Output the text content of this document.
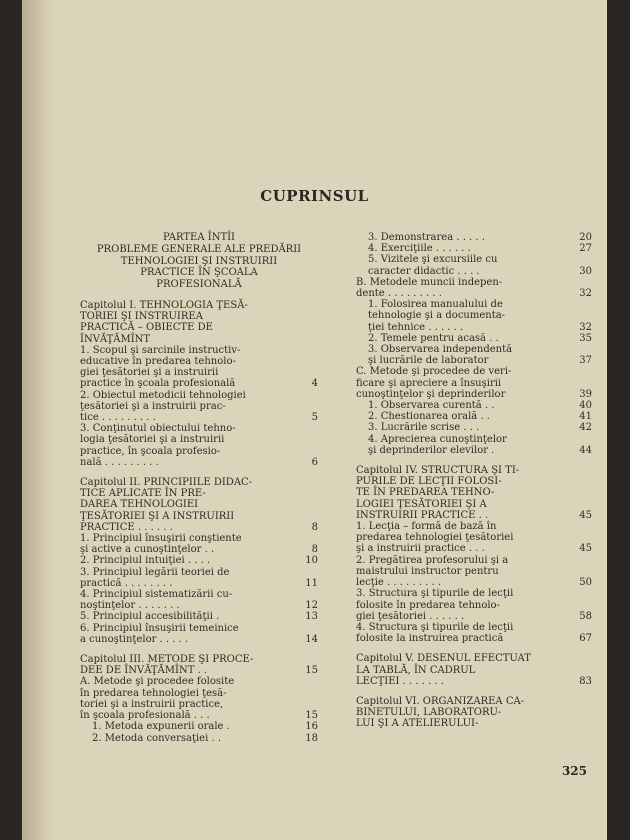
CUPRINSUL
PARTEA ÎNTÎI
PROBLEME GENERALE ALE PREDĂRII
TEHNOLOGIEI ŞI INSTRUIRII
PRACTICE ÎN ŞCOALA
PROFESIONALĂ
Capitolul I. TEHNOLOGIA ŢESĂ-
TORIEI ŞI INSTRUIREA
PRACTICĂ – OBIECTE DE
ÎNVĂŢĂMÎNT
1. Scopul şi sarcinile instructiv-
educative în predarea tehnolo-
giei ţesătoriei şi a instruirii
practice în şcoala profesională	4
2. Obiectul metodicii tehnologiei
ţesătoriei şi a instruirii prac-
tice . . . . . . . . .	5
3. Conţinutul obiectului tehno-
logia ţesătoriei şi a instruirii
practice, în şcoala profesio-
nală . . . . . . . . .	6
Capitolul II. PRINCIPIILE DIDAC-
TICE APLICATE ÎN PRE-
DAREA TEHNOLOGIEI
ŢESĂTORIEI ŞI A INSTRUIRII
PRACTICE . . . . . .	8
1. Principiul însuşirii conştiente
şi active a cunoştinţelor . .	8
2. Principiul intuiţiei . . . .	10
3. Principiul legării teoriei de
practică . . . . . . . .	11
4. Principiul sistematizării cu-
noştinţelor . . . . . . .	12
5. Principiul accesibilităţii .	13
6. Principiul însuşirii temeinice
a cunoştinţelor . . . . .	14
Capitolul III. METODE ŞI PROCE-
DEE DE ÎNVĂŢĂMÎNT . .	15
A. Metode şi procedee folosite
în predarea tehnologiei ţesă-
toriei şi a instruirii practice,
în şcoala profesională . . .	15
1. Metoda expunerii orale .	16
2. Metoda conversaţiei . .	18
3. Demonstrarea . . . . .	20
4. Exerciţiile . . . . . .	27
5. Vizitele şi excursiile cu
caracter didactic . . . .	30
B. Metodele muncii indepen-
dente . . . . . . . . .	32
1. Folosirea manualului de
tehnologie şi a documenta-
ţiei tehnice . . . . . .	32
2. Temele pentru acasă . .	35
3. Observarea independentă
şi lucrările de laborator	37
C. Metode şi procedee de veri-
ficare şi apreciere a însuşirii
cunoştinţelor şi deprinderilor	39
1. Observarea curentă . .	40
2. Chestionarea orală . .	41
3. Lucrările scrise . . .	42
4. Aprecierea cunoştinţelor
şi deprinderilor elevilor .	44
Capitolul IV. STRUCTURA ŞI TI-
PURILE DE LECŢII FOLOSI-
TE ÎN PREDAREA TEHNO-
LOGIEI ŢESĂTORIEI ŞI A
INSTRUIRII PRACTICE . .	45
1. Lecţia – formă de bază în
predarea tehnologiei ţesătoriei
şi a instruirii practice . . .	45
2. Pregătirea profesorului şi a
maistrului instructor pentru
lecţie . . . . . . . . .	50
3. Structura şi tipurile de lecţii
folosite în predarea tehnolo-
giei ţesătoriei . . . . . .	58
4. Structura şi tipurile de lecţii
folosite la instruirea practică	67
Capitolul V. DESENUL EFECTUAT
LA TABLĂ, ÎN CADRUL
LECŢIEI . . . . . . .	83
Capitolul VI. ORGANIZAREA CA-
BINETULUI, LABORATORU-
LUI ŞI A ATELIERULUI-
325
